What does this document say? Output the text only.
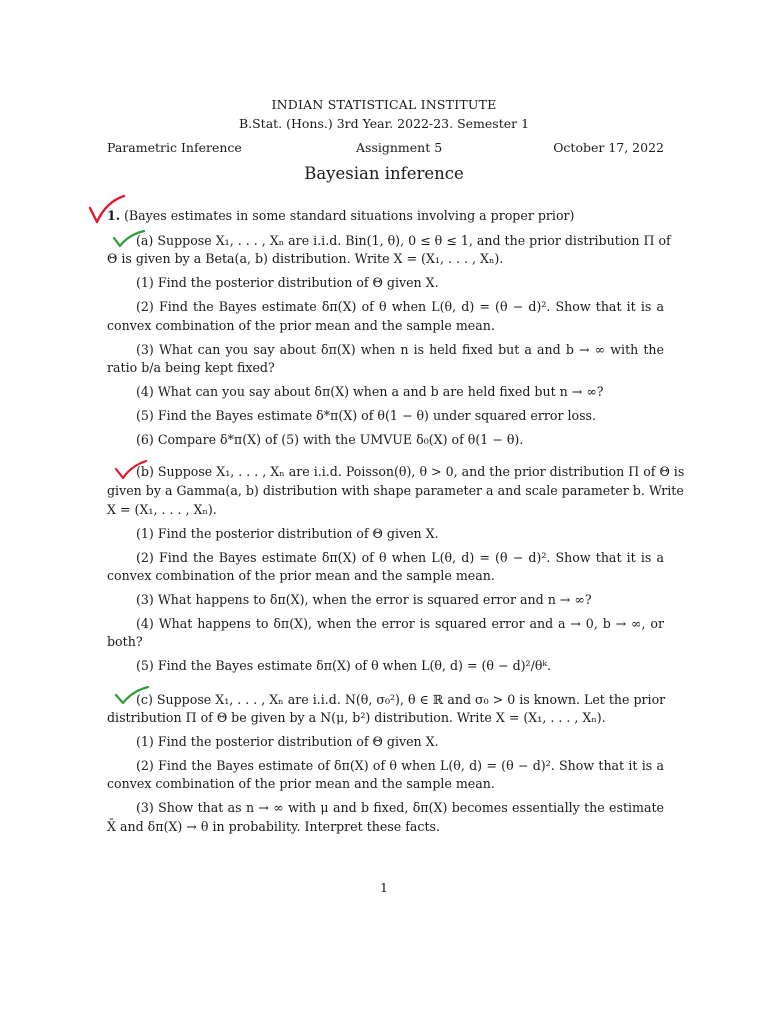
INDIAN STATISTICAL INSTITUTE
B.Stat. (Hons.) 3rd Year. 2022-23. Semester 1
Parametric Inference	Assignment 5	October 17, 2022
Bayesian inference
1. (Bayes estimates in some standard situations involving a proper prior)
(a) Suppose X₁, . . . , Xₙ are i.i.d. Bin(1, θ), 0 ≤ θ ≤ 1, and the prior distribution Π of
Θ is given by a Beta(a, b) distribution. Write X = (X₁, . . . , Xₙ).
(1) Find the posterior distribution of Θ given X.
(2) Find the Bayes estimate δπ(X) of θ when L(θ, d) = (θ − d)². Show that it is a
convex combination of the prior mean and the sample mean.
(3) What can you say about δπ(X) when n is held fixed but a and b → ∞ with the
ratio b/a being kept fixed?
(4) What can you say about δπ(X) when a and b are held fixed but n → ∞?
(5) Find the Bayes estimate δ*π(X) of θ(1 − θ) under squared error loss.
(6) Compare δ*π(X) of (5) with the UMVUE δ₀(X) of θ(1 − θ).
(b) Suppose X₁, . . . , Xₙ are i.i.d. Poisson(θ), θ > 0, and the prior distribution Π of Θ is
given by a Gamma(a, b) distribution with shape parameter a and scale parameter b. Write
X = (X₁, . . . , Xₙ).
(1) Find the posterior distribution of Θ given X.
(2) Find the Bayes estimate δπ(X) of θ when L(θ, d) = (θ − d)². Show that it is a
convex combination of the prior mean and the sample mean.
(3) What happens to δπ(X), when the error is squared error and n → ∞?
(4) What happens to δπ(X), when the error is squared error and a → 0, b → ∞, or
both?
(5) Find the Bayes estimate δπ(X) of θ when L(θ, d) = (θ − d)²/θᵏ.
(c) Suppose X₁, . . . , Xₙ are i.i.d. N(θ, σ₀²), θ ∈ ℝ and σ₀ > 0 is known. Let the prior
distribution Π of Θ be given by a N(μ, b²) distribution. Write X = (X₁, . . . , Xₙ).
(1) Find the posterior distribution of Θ given X.
(2) Find the Bayes estimate of δπ(X) of θ when L(θ, d) = (θ − d)². Show that it is a
convex combination of the prior mean and the sample mean.
(3) Show that as n → ∞ with μ and b fixed, δπ(X) becomes essentially the estimate
X̄ and δπ(X) → θ in probability. Interpret these facts.
1
